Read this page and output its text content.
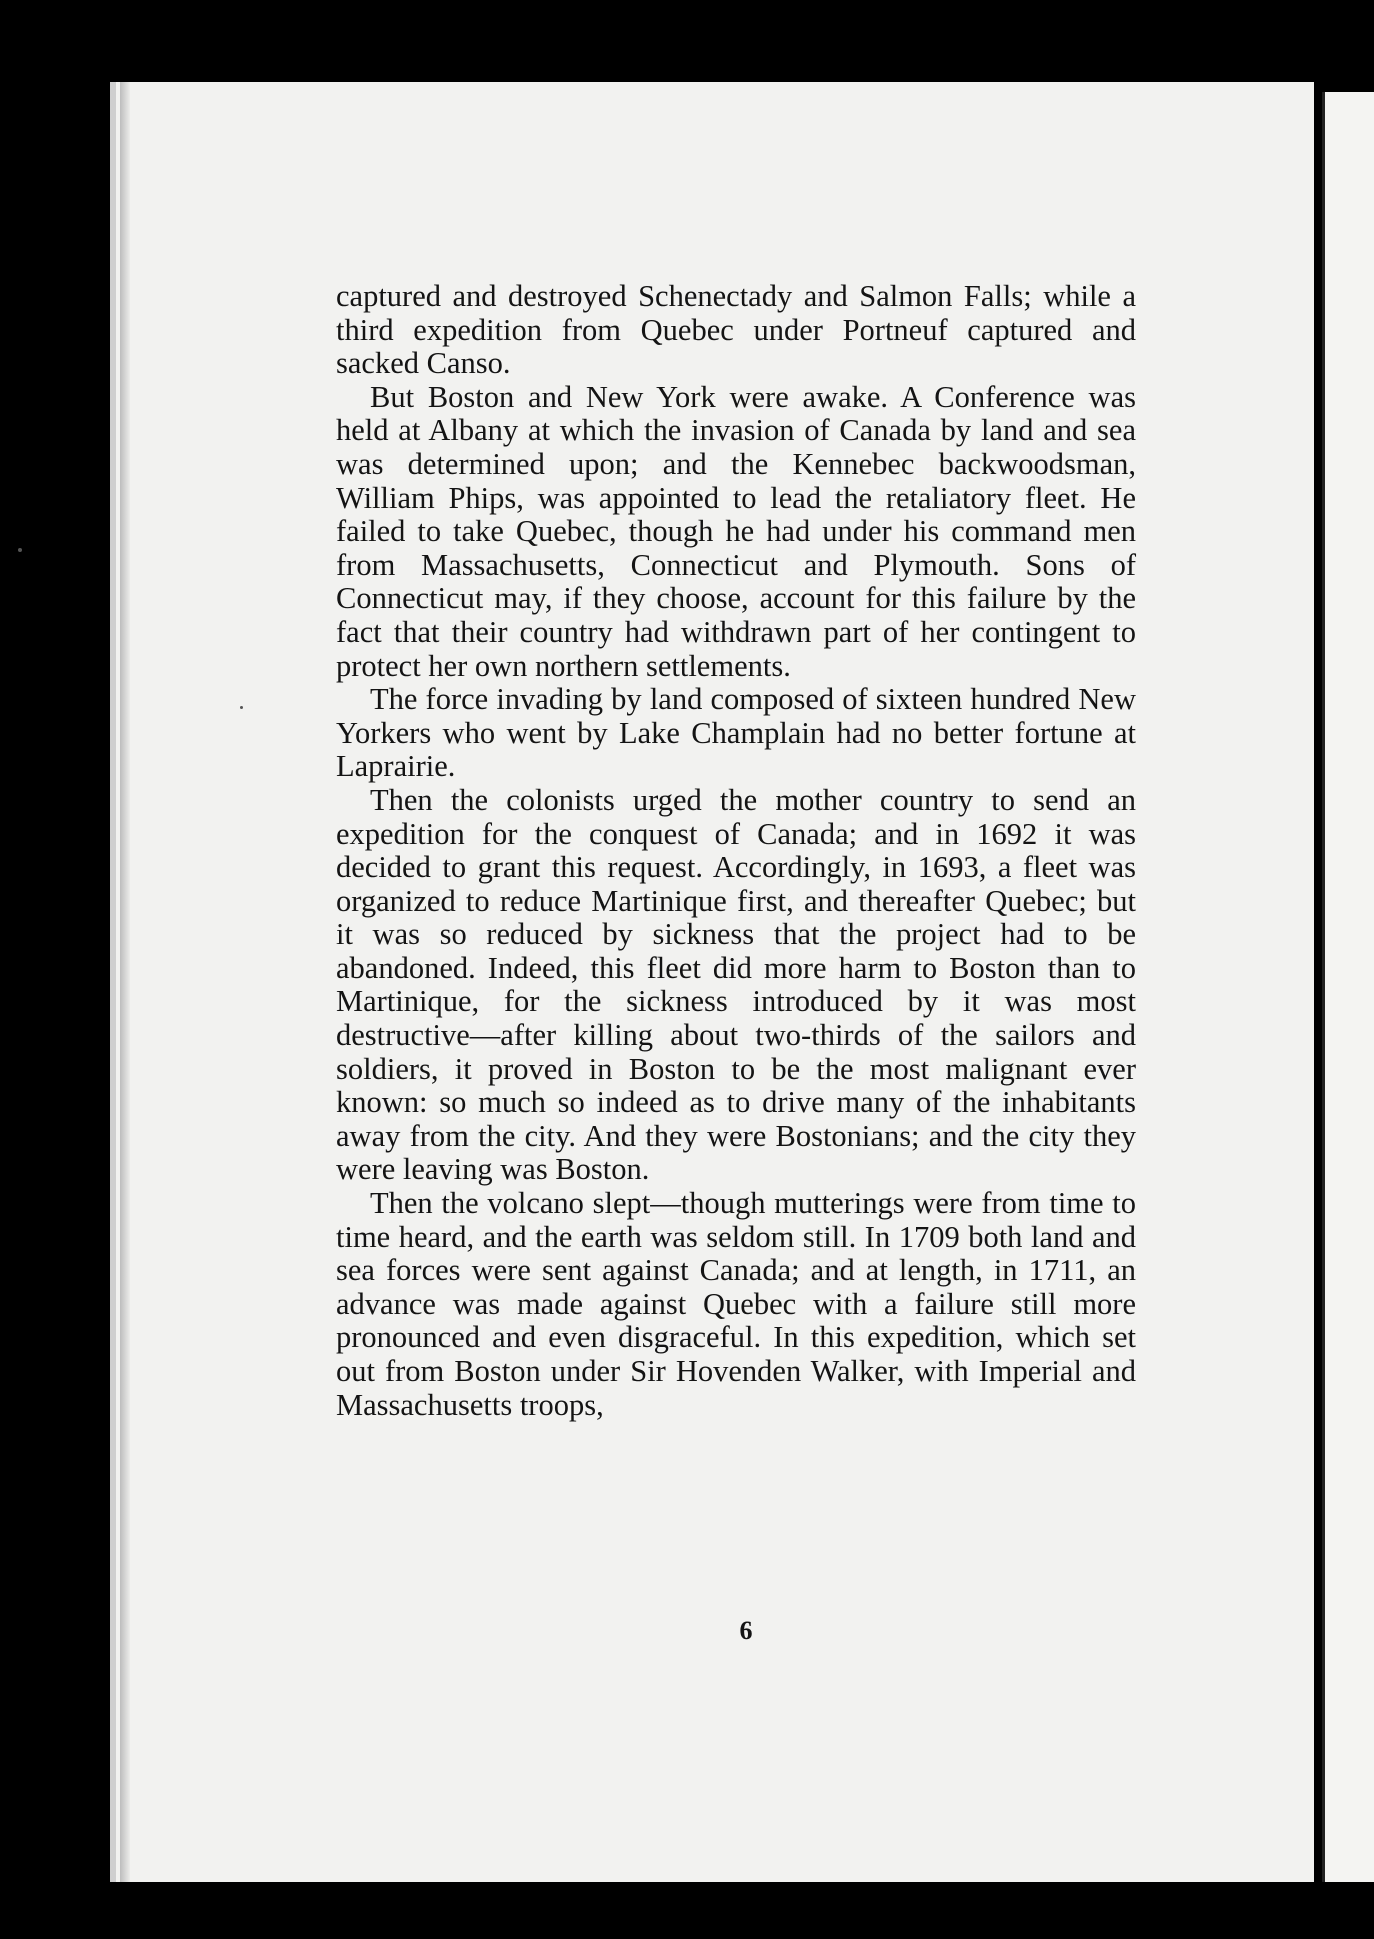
captured and destroyed Schenectady and Salmon Falls; while a third expedition from Quebec under Portneuf captured and sacked Canso.

But Boston and New York were awake. A Conference was held at Albany at which the invasion of Canada by land and sea was determined upon; and the Kennebec backwoodsman, William Phips, was appointed to lead the retaliatory fleet. He failed to take Quebec, though he had under his command men from Massachusetts, Connecticut and Plymouth. Sons of Connecticut may, if they choose, account for this failure by the fact that their country had withdrawn part of her contingent to protect her own northern settlements.

The force invading by land composed of sixteen hundred New Yorkers who went by Lake Champlain had no better fortune at Laprairie.

Then the colonists urged the mother country to send an expedition for the conquest of Canada; and in 1692 it was decided to grant this request. Accordingly, in 1693, a fleet was organized to reduce Martinique first, and thereafter Quebec; but it was so reduced by sickness that the project had to be abandoned. Indeed, this fleet did more harm to Boston than to Martinique, for the sickness introduced by it was most destructive—after killing about two-thirds of the sailors and soldiers, it proved in Boston to be the most malignant ever known: so much so indeed as to drive many of the inhabitants away from the city. And they were Bostonians; and the city they were leaving was Boston.

Then the volcano slept—though mutterings were from time to time heard, and the earth was seldom still. In 1709 both land and sea forces were sent against Canada; and at length, in 1711, an advance was made against Quebec with a failure still more pronounced and even disgraceful. In this expedition, which set out from Boston under Sir Hovenden Walker, with Imperial and Massachusetts troops,

6
